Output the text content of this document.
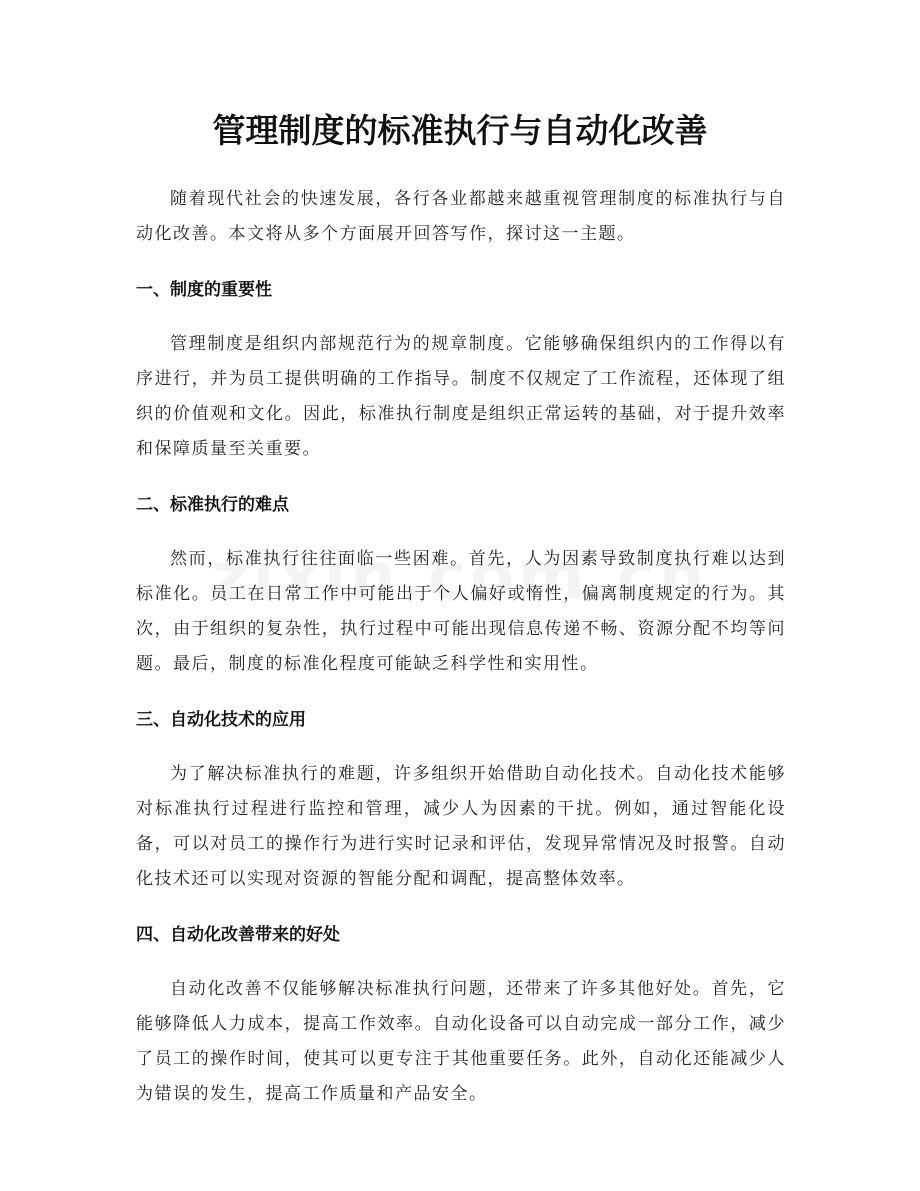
管理制度的标准执行与自动化改善

随着现代社会的快速发展，各行各业都越来越重视管理制度的标准执行与自动化改善。本文将从多个方面展开回答写作，探讨这一主题。

一、制度的重要性

管理制度是组织内部规范行为的规章制度。它能够确保组织内的工作得以有序进行，并为员工提供明确的工作指导。制度不仅规定了工作流程，还体现了组织的价值观和文化。因此，标准执行制度是组织正常运转的基础，对于提升效率和保障质量至关重要。

二、标准执行的难点

然而，标准执行往往面临一些困难。首先，人为因素导致制度执行难以达到标准化。员工在日常工作中可能出于个人偏好或惰性，偏离制度规定的行为。其次，由于组织的复杂性，执行过程中可能出现信息传递不畅、资源分配不均等问题。最后，制度的标准化程度可能缺乏科学性和实用性。

三、自动化技术的应用

为了解决标准执行的难题，许多组织开始借助自动化技术。自动化技术能够对标准执行过程进行监控和管理，减少人为因素的干扰。例如，通过智能化设备，可以对员工的操作行为进行实时记录和评估，发现异常情况及时报警。自动化技术还可以实现对资源的智能分配和调配，提高整体效率。

四、自动化改善带来的好处

自动化改善不仅能够解决标准执行问题，还带来了许多其他好处。首先，它能够降低人力成本，提高工作效率。自动化设备可以自动完成一部分工作，减少了员工的操作时间，使其可以更专注于其他重要任务。此外，自动化还能减少人为错误的发生，提高工作质量和产品安全。
